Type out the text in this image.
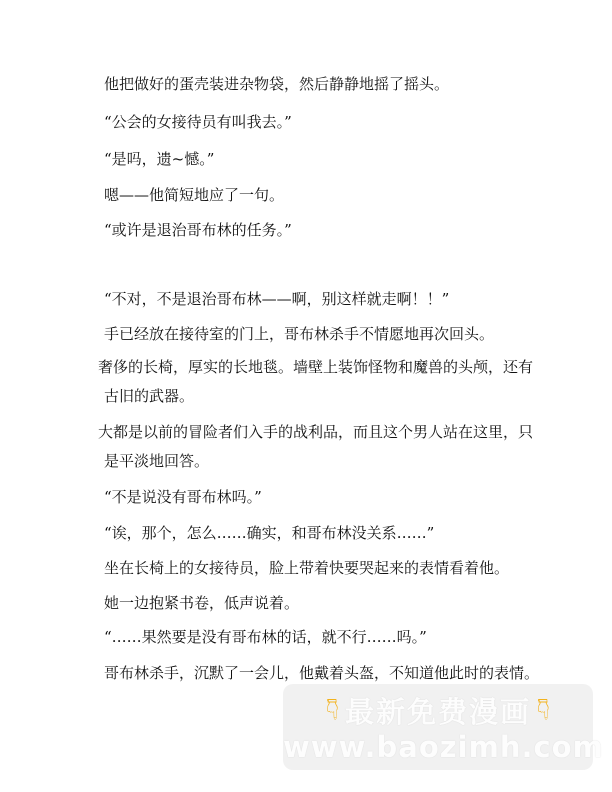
他把做好的蛋壳装进杂物袋，然后静静地摇了摇头。

“公会的女接待员有叫我去。”

“是吗，遗~憾。”

嗯——他简短地应了一句。

“或许是退治哥布林的任务。”

“不对，不是退治哥布林——啊，别这样就走啊！！”

手已经放在接待室的门上，哥布林杀手不情愿地再次回头。

奢侈的长椅，厚实的长地毯。墙壁上装饰怪物和魔兽的头颅，还有古旧的武器。

大都是以前的冒险者们入手的战利品，而且这个男人站在这里，只是平淡地回答。

“不是说没有哥布林吗。”

“诶，那个，怎么……确实，和哥布林没关系……”

坐在长椅上的女接待员，脸上带着快要哭起来的表情看着他。

她一边抱紧书卷，低声说着。

“……果然要是没有哥布林的话，就不行……吗。”

哥布林杀手，沉默了一会儿，他戴着头盔，不知道他此时的表情。

👇︎ 最新免费漫画 👇︎
www.baozimh.com
